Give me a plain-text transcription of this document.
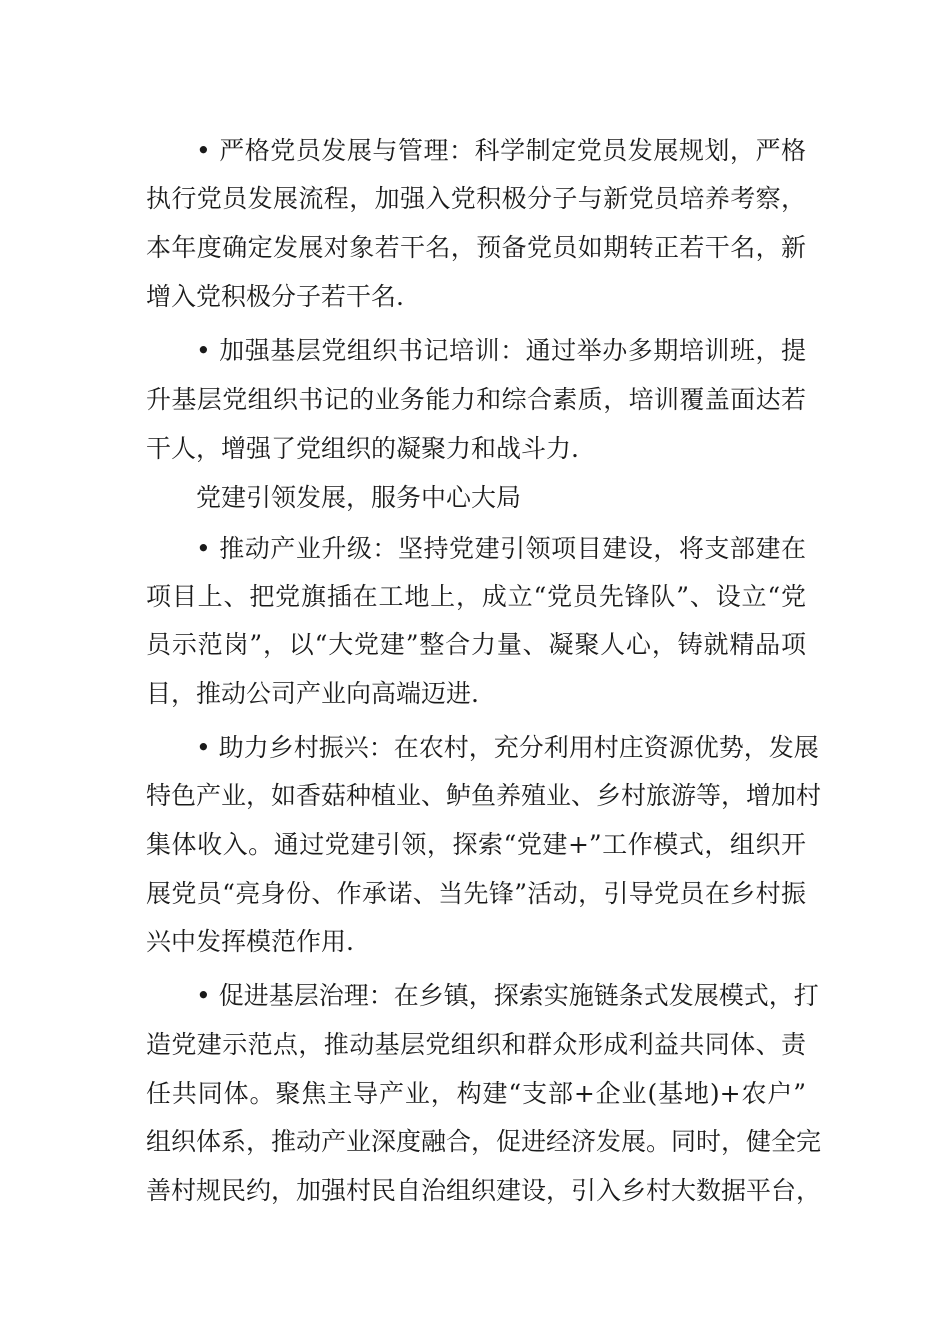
• 严格党员发展与管理：科学制定党员发展规划，严格
执行党员发展流程，加强入党积极分子与新党员培养考察，
本年度确定发展对象若干名，预备党员如期转正若干名，新
增入党积极分子若干名.
• 加强基层党组织书记培训：通过举办多期培训班，提
升基层党组织书记的业务能力和综合素质，培训覆盖面达若
干人，增强了党组织的凝聚力和战斗力.
党建引领发展，服务中心大局
• 推动产业升级：坚持党建引领项目建设，将支部建在
项目上、把党旗插在工地上，成立“党员先锋队”、设立“党
员示范岗”，以“大党建”整合力量、凝聚人心，铸就精品项
目，推动公司产业向高端迈进.
• 助力乡村振兴：在农村，充分利用村庄资源优势，发展
特色产业，如香菇种植业、鲈鱼养殖业、乡村旅游等，增加村
集体收入。通过党建引领，探索“党建+”工作模式，组织开
展党员“亮身份、作承诺、当先锋”活动，引导党员在乡村振
兴中发挥模范作用.
• 促进基层治理：在乡镇，探索实施链条式发展模式，打
造党建示范点，推动基层党组织和群众形成利益共同体、责
任共同体。聚焦主导产业，构建“支部+企业(基地)+农户”
组织体系，推动产业深度融合，促进经济发展。同时，健全完
善村规民约，加强村民自治组织建设，引入乡村大数据平台，
